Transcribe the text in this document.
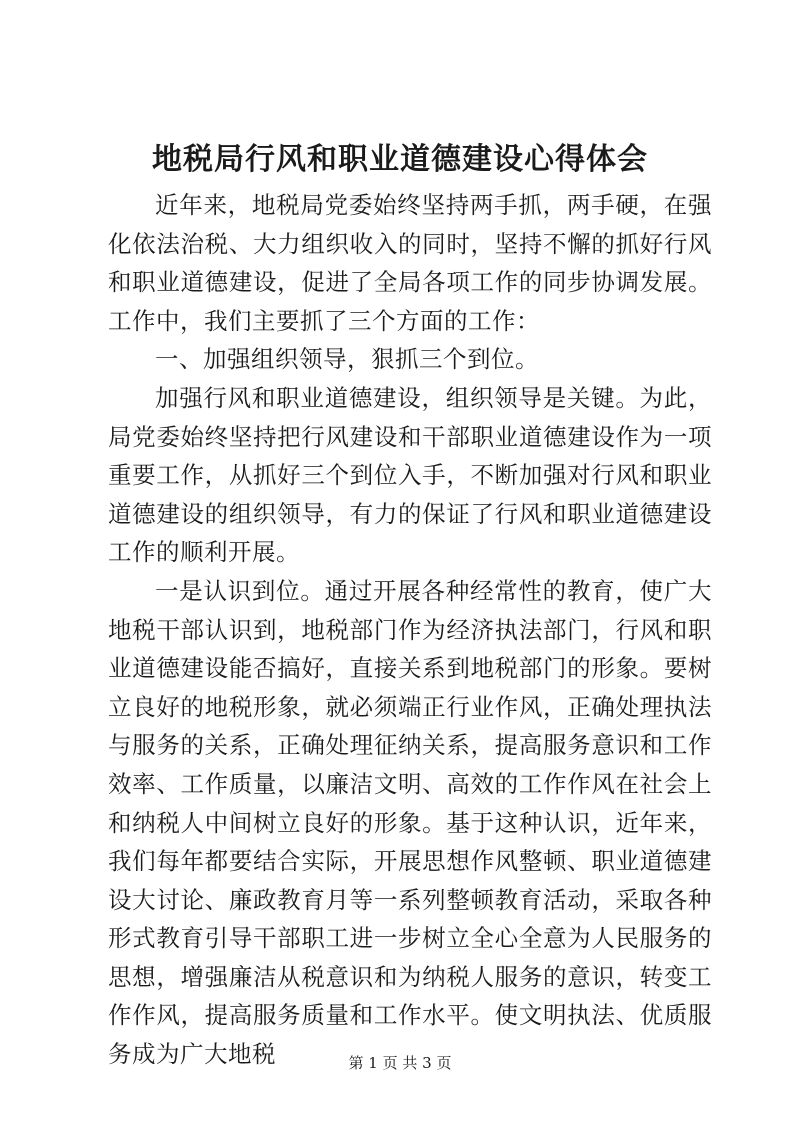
地税局行风和职业道德建设心得体会

近年来，地税局党委始终坚持两手抓，两手硬，在强化依法治税、大力组织收入的同时，坚持不懈的抓好行风和职业道德建设，促进了全局各项工作的同步协调发展。工作中，我们主要抓了三个方面的工作：

一、加强组织领导，狠抓三个到位。

加强行风和职业道德建设，组织领导是关键。为此，局党委始终坚持把行风建设和干部职业道德建设作为一项重要工作，从抓好三个到位入手，不断加强对行风和职业道德建设的组织领导，有力的保证了行风和职业道德建设工作的顺利开展。

一是认识到位。通过开展各种经常性的教育，使广大地税干部认识到，地税部门作为经济执法部门，行风和职业道德建设能否搞好，直接关系到地税部门的形象。要树立良好的地税形象，就必须端正行业作风，正确处理执法与服务的关系，正确处理征纳关系，提高服务意识和工作效率、工作质量，以廉洁文明、高效的工作作风在社会上和纳税人中间树立良好的形象。基于这种认识，近年来，我们每年都要结合实际，开展思想作风整顿、职业道德建设大讨论、廉政教育月等一系列整顿教育活动，采取各种形式教育引导干部职工进一步树立全心全意为人民服务的思想，增强廉洁从税意识和为纳税人服务的意识，转变工作作风，提高服务质量和工作水平。使文明执法、优质服务成为广大地税	第 1 页 共 3 页
